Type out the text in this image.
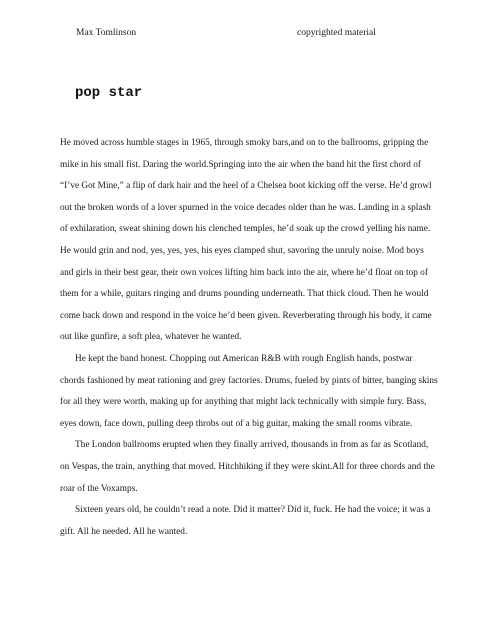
Max Tomlinson	copyrighted material
pop star

He moved across humble stages in 1965, through smoky bars,and on to the ballrooms, gripping the mike in his small fist. Daring the world.Springing into the air when the band hit the first chord of “I’ve Got Mine,” a flip of dark hair and the heel of a Chelsea boot kicking off the verse. He’d growl out the broken words of a lover spurned in the voice decades older than he was. Landing in a splash of exhilaration, sweat shining down his clenched temples, he’d soak up the crowd yelling his name. He would grin and nod, yes, yes, yes, his eyes clamped shut, savoring the unruly noise. Mod boys and girls in their best gear, their own voices lifting him back into the air, where he’d float on top of them for a while, guitars ringing and drums pounding underneath. That thick cloud. Then he would come back down and respond in the voice he’d been given. Reverberating through his body, it came out like gunfire, a soft plea, whatever he wanted.

He kept the band honest. Chopping out American R&B with rough English hands, postwar chords fashioned by meat rationing and grey factories. Drums, fueled by pints of bitter, banging skins for all they were worth, making up for anything that might lack technically with simple fury. Bass, eyes down, face down, pulling deep throbs out of a big guitar, making the small rooms vibrate.

The London ballrooms erupted when they finally arrived, thousands in from as far as Scotland, on Vespas, the train, anything that moved. Hitchhiking if they were skint.All for three chords and the roar of the Voxamps.

Sixteen years old, he couldn’t read a note. Did it matter? Did it, fuck. He had the voice; it was a gift. All he needed. All he wanted.
